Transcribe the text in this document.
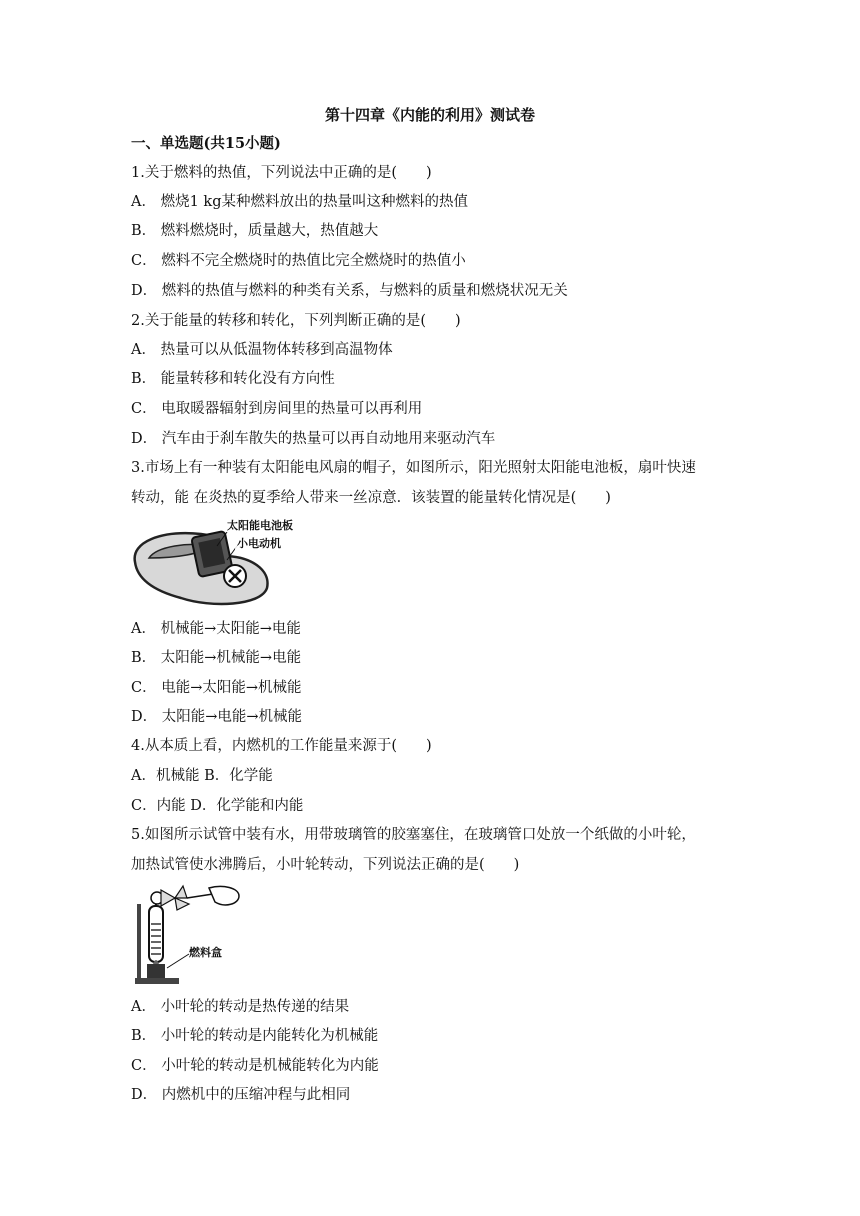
第十四章《内能的利用》测试卷
一、单选题(共15小题)
1.关于燃料的热值，下列说法中正确的是(　　)
A． 燃烧1 kg某种燃料放出的热量叫这种燃料的热值
B． 燃料燃烧时，质量越大，热值越大
C． 燃料不完全燃烧时的热值比完全燃烧时的热值小
D． 燃料的热值与燃料的种类有关系，与燃料的质量和燃烧状况无关
2.关于能量的转移和转化，下列判断正确的是(　　)
A． 热量可以从低温物体转移到高温物体
B． 能量转移和转化没有方向性
C． 电取暖器辐射到房间里的热量可以再利用
D． 汽车由于刹车散失的热量可以再自动地用来驱动汽车
3.市场上有一种装有太阳能电风扇的帽子，如图所示，阳光照射太阳能电池板，扇叶快速
转动，能 在炎热的夏季给人带来一丝凉意．该装置的能量转化情况是(　　)
太阳能电池板
小电动机
A． 机械能→太阳能→电能
B． 太阳能→机械能→电能
C． 电能→太阳能→机械能
D． 太阳能→电能→机械能
4.从本质上看，内燃机的工作能量来源于(　　)
A．机械能 B．化学能
C．内能 D．化学能和内能
5.如图所示试管中装有水，用带玻璃管的胶塞塞住，在玻璃管口处放一个纸做的小叶轮，
加热试管使水沸腾后，小叶轮转动，下列说法正确的是(　　)
燃料盒
A． 小叶轮的转动是热传递的结果
B． 小叶轮的转动是内能转化为机械能
C． 小叶轮的转动是机械能转化为内能
D． 内燃机中的压缩冲程与此相同
